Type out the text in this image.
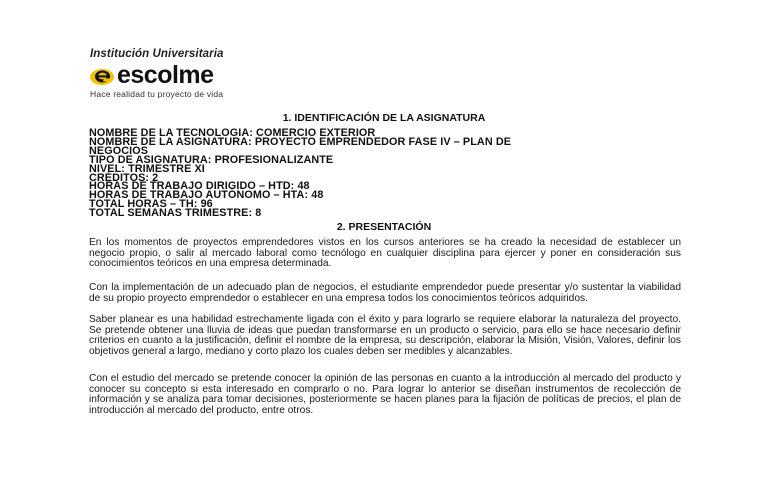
Institución Universitaria
escolme
Hace realidad tu proyecto de vida
1. IDENTIFICACIÓN DE LA ASIGNATURA
NOMBRE DE LA TECNOLOGIA: COMERCIO EXTERIOR
NOMBRE DE LA ASIGNATURA: PROYECTO EMPRENDEDOR FASE IV – PLAN DE
NEGOCIOS
TIPO DE ASIGNATURA: PROFESIONALIZANTE
NIVEL: TRIMESTRE XI
CRÉDITOS: 2
HORAS DE TRABAJO DIRIGIDO – HTD: 48
HORAS DE TRABAJO AUTÓNOMO – HTA: 48
TOTAL HORAS – TH: 96
TOTAL SEMANAS TRIMESTRE: 8
2. PRESENTACIÓN

En los momentos de proyectos emprendedores vistos en los cursos anteriores se ha creado la necesidad de establecer un negocio propio, o salir al mercado laboral como tecnólogo en cualquier disciplina para ejercer y poner en consideración sus conocimientos teóricos en una empresa determinada.

Con la implementación de un adecuado plan de negocios, el estudiante emprendedor puede presentar y/o sustentar la viabilidad de su propio proyecto emprendedor o establecer en una empresa todos los conocimientos teóricos adquiridos.

Saber planear es una habilidad estrechamente ligada con el éxito y para lograrlo se requiere elaborar la naturaleza del proyecto. Se pretende obtener una lluvia de ideas que puedan transformarse en un producto o servicio, para ello se hace necesario definir criterios en cuanto a la justificación, definir el nombre de la empresa, su descripción, elaborar la Misión, Visión, Valores, definir los objetivos general a largo, mediano y corto plazo los cuales deben ser medibles y alcanzables.

Con el estudio del mercado se pretende conocer la opinión de las personas en cuanto a la introducción al mercado del producto y conocer su concepto si esta interesado en comprarlo o no. Para lograr lo anterior se diseñan instrumentos de recolección de información y se analiza para tomar decisiones, posteriormente se hacen planes para la fijación de políticas de precios, el plan de introducción al mercado del producto, entre otros.
